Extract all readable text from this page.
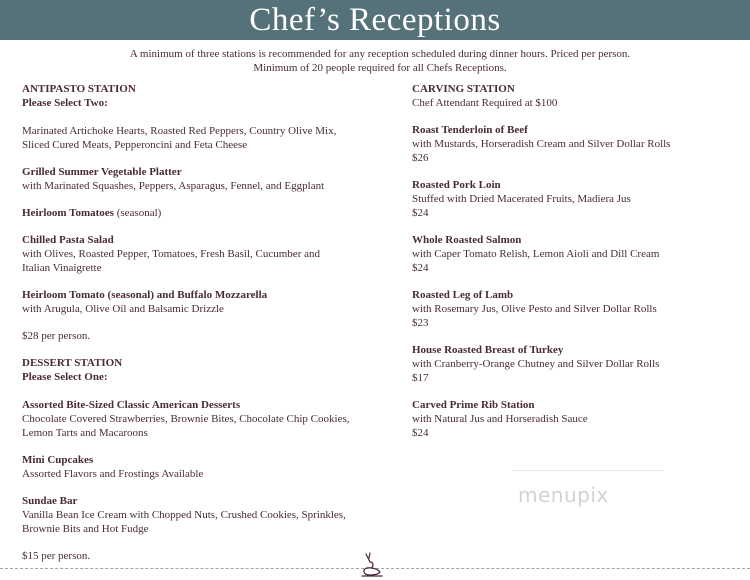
Chef’s Receptions
A minimum of three stations is recommended for any reception scheduled during dinner hours. Priced per person.
Minimum of 20 people required for all Chefs Receptions.
ANTIPASTO STATION
Please Select Two:
Marinated Artichoke Hearts, Roasted Red Peppers, Country Olive Mix,
Sliced Cured Meats, Pepperoncini and Feta Cheese
Grilled Summer Vegetable Platter
with Marinated Squashes, Peppers, Asparagus, Fennel, and Eggplant
Heirloom Tomatoes (seasonal)
Chilled Pasta Salad
with Olives, Roasted Pepper, Tomatoes, Fresh Basil, Cucumber and
Italian Vinaigrette
Heirloom Tomato (seasonal) and Buffalo Mozzarella
with Arugula, Olive Oil and Balsamic Drizzle
$28 per person.
DESSERT STATION
Please Select One:
Assorted Bite-Sized Classic American Desserts
Chocolate Covered Strawberries, Brownie Bites, Chocolate Chip Cookies,
Lemon Tarts and Macaroons
Mini Cupcakes
Assorted Flavors and Frostings Available
Sundae Bar
Vanilla Bean Ice Cream with Chopped Nuts, Crushed Cookies, Sprinkles,
Brownie Bits and Hot Fudge
$15 per person.
CARVING STATION
Chef Attendant Required at $100
Roast Tenderloin of Beef
with Mustards, Horseradish Cream and Silver Dollar Rolls
$26
Roasted Pork Loin
Stuffed with Dried Macerated Fruits, Madiera Jus
$24
Whole Roasted Salmon
with Caper Tomato Relish, Lemon Aioli and Dill Cream
$24
Roasted Leg of Lamb
with Rosemary Jus, Olive Pesto and Silver Dollar Rolls
$23
House Roasted Breast of Turkey
with Cranberry-Orange Chutney and Silver Dollar Rolls
$17
Carved Prime Rib Station
with Natural Jus and Horseradish Sauce
$24
menupix
